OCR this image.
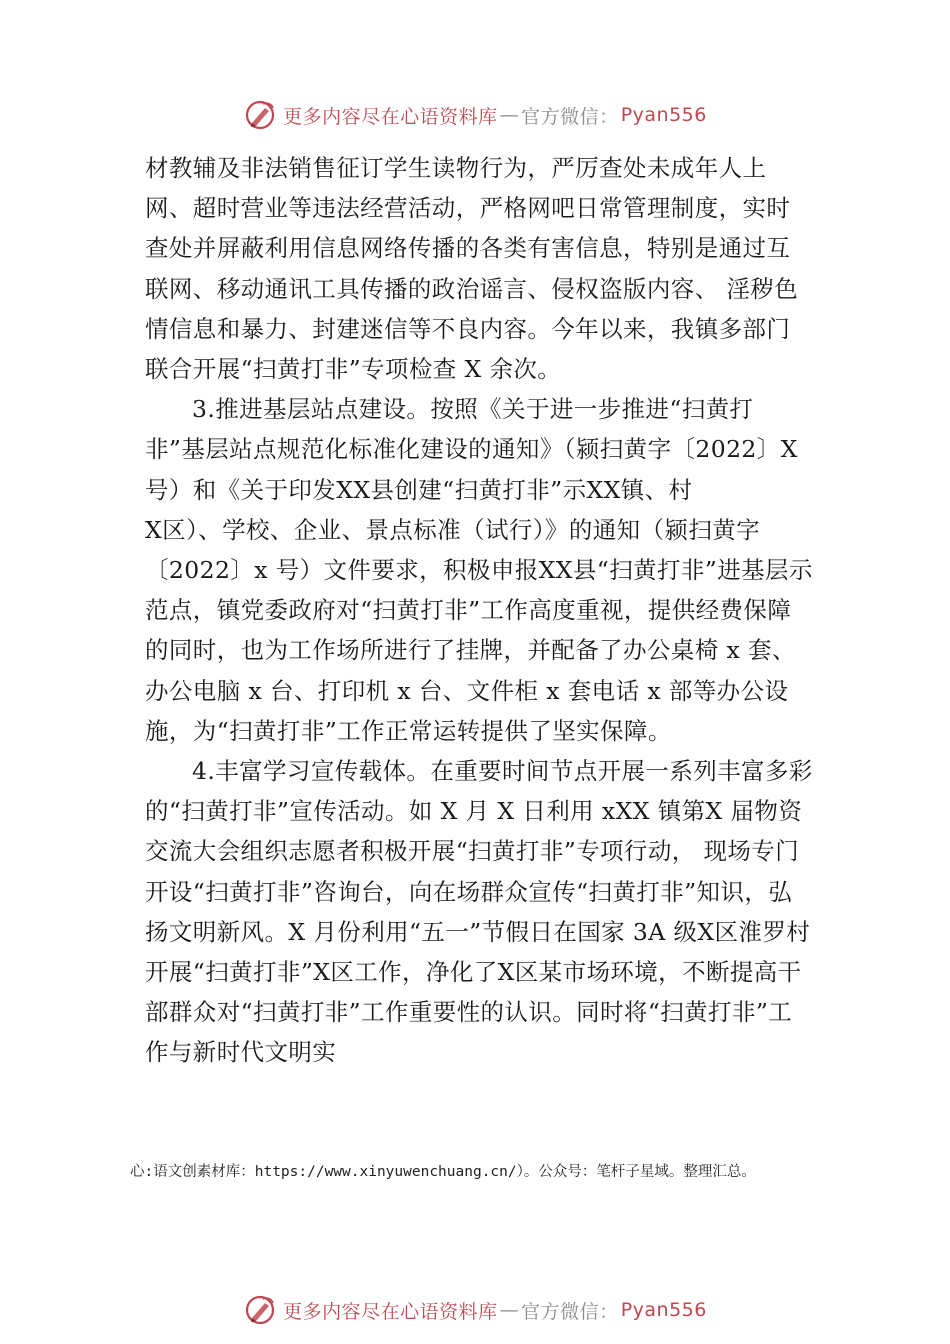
更多内容尽在心语资料库 — 官方微信： Pyan556

材教辅及非法销售征订学生读物行为，严厉查处未成年人上网、超时营业等违法经营活动，严格网吧日常管理制度，实时查处并屏蔽利用信息网络传播的各类有害信息，特别是通过互联网、移动通讯工具传播的政治谣言、侵权盗版内容、 淫秽色情信息和暴力、封建迷信等不良内容。今年以来，我镇多部门联合开展“扫黄打非”专项检查 X 余次。

3.推进基层站点建设。按照《关于进一步推进“扫黄打非”基层站点规范化标准化建设的通知》（颍扫黄字〔2022〕X 号）和《关于印发XX县创建“扫黄打非”示XX镇、村

X区）、学校、企业、景点标准（试行）》的通知（颍扫黄字〔2022〕x 号）文件要求，积极申报XX县“扫黄打非”进基层示范点，镇党委政府对“扫黄打非”工作高度重视，提供经费保障的同时，也为工作场所进行了挂牌，并配备了办公桌椅 x 套、办公电脑 x 台、打印机 x 台、文件柜 x 套电话 x 部等办公设施，为“扫黄打非”工作正常运转提供了坚实保障。

4.丰富学习宣传载体。在重要时间节点开展一系列丰富多彩的“扫黄打非”宣传活动。如 X 月 X 日利用 xXX 镇第X 届物资交流大会组织志愿者积极开展“扫黄打非”专项行动， 现场专门开设“扫黄打非”咨询台，向在场群众宣传“扫黄打非”知识，弘扬文明新风。X 月份利用“五一”节假日在国家 3A 级X区淮罗村开展“扫黄打非”X区工作，净化了X区某市场环境，不断提高干部群众对“扫黄打非”工作重要性的认识。同时将“扫黄打非”工作与新时代文明实

心:语文创素材库：https://www.xinyuwenchuang.cn/）。公众号：笔杆子星域。整理汇总。
更多内容尽在心语资料库 — 官方微信： Pyan556
